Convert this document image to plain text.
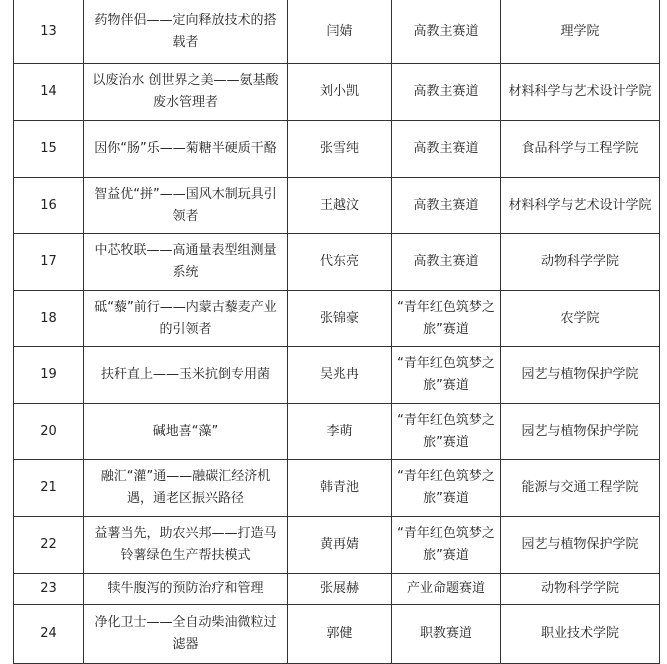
13	药物伴侣——定向释放技术的搭载者	闫婧	高教主赛道	理学院
14	以废治水 创世界之美——氨基酸废水管理者	刘小凯	高教主赛道	材料科学与艺术设计学院
15	因你“肠”乐——菊糖半硬质干酪	张雪纯	高教主赛道	食品科学与工程学院
16	智益优“拼”——国风木制玩具引领者	王越汶	高教主赛道	材料科学与艺术设计学院
17	中芯牧联——高通量表型组测量系统	代东亮	高教主赛道	动物科学学院
18	砥“藜”前行——内蒙古藜麦产业的引领者	张锦豪	“青年红色筑梦之旅”赛道	农学院
19	扶秆直上——玉米抗倒专用菌	吴兆冉	“青年红色筑梦之旅”赛道	园艺与植物保护学院
20	碱地喜“藻”	李萌	“青年红色筑梦之旅”赛道	园艺与植物保护学院
21	融汇“灌”通——融碳汇经济机遇，通老区振兴路径	韩青池	“青年红色筑梦之旅”赛道	能源与交通工程学院
22	益薯当先，助农兴邦——打造马铃薯绿色生产帮扶模式	黄再婧	“青年红色筑梦之旅”赛道	园艺与植物保护学院
23	犊牛腹泻的预防治疗和管理	张展赫	产业命题赛道	动物科学学院
24	净化卫士——全自动柴油微粒过滤器	郭健	职教赛道	职业技术学院
